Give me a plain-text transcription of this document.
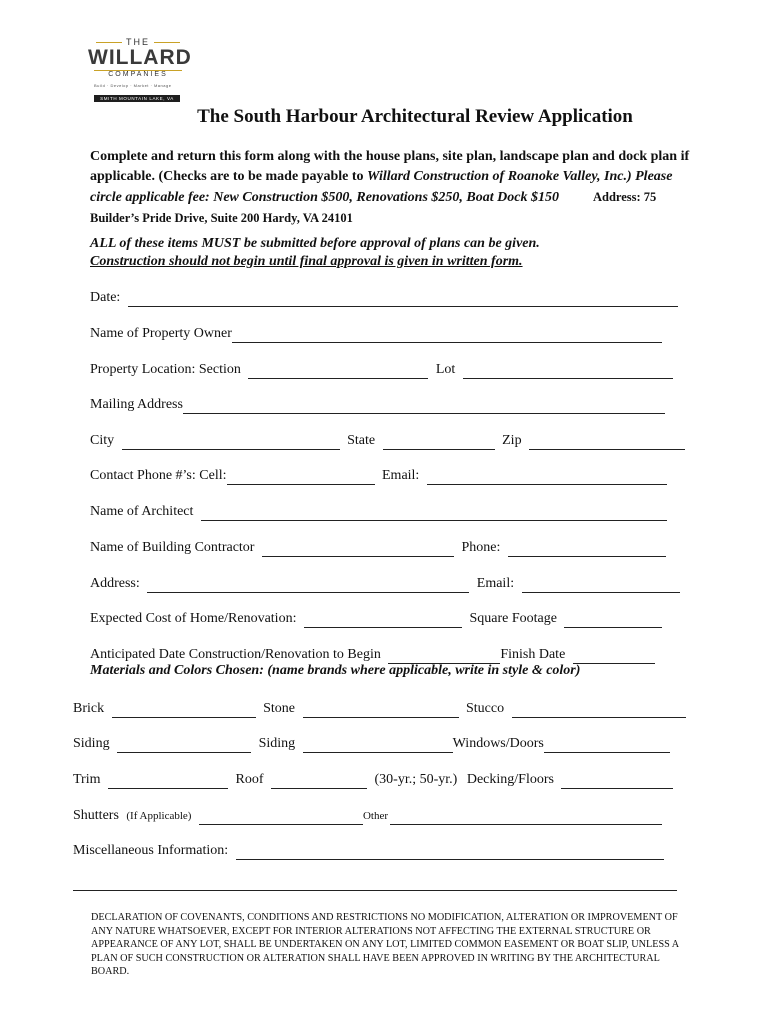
THE
WILLARD
COMPANIES
Build · Develop · Market · Manage
SMITH MOUNTAIN LAKE, VA
The South Harbour Architectural Review Application
Complete and return this form along with the house plans, site plan, landscape plan and dock plan if applicable. (Checks are to be made payable to Willard Construction of Roanoke Valley, Inc.) Please circle applicable fee: New Construction $500, Renovations $250, Boat Dock $150	Address: 75 Builder’s Pride Drive, Suite 200 Hardy, VA 24101
ALL of these items MUST be submitted before approval of plans can be given.
Construction should not begin until final approval is given in written form.
Date:
Name of Property Owner
Property Location: Section	Lot
Mailing Address
City	State	Zip
Contact Phone #’s: Cell:	Email:
Name of Architect
Name of Building Contractor	Phone:
Address:	Email:
Expected Cost of Home/Renovation:	Square Footage
Anticipated Date Construction/Renovation to Begin	Finish Date
Materials and Colors Chosen: (name brands where applicable, write in style & color)
Brick	Stone	Stucco
Siding	Siding	Windows/Doors
Trim	Roof	(30-yr.; 50-yr.) Decking/Floors
Shutters (If Applicable)	Other
Miscellaneous Information:
DECLARATION OF COVENANTS, CONDITIONS AND RESTRICTIONS NO MODIFICATION, ALTERATION OR IMPROVEMENT OF ANY NATURE WHATSOEVER, EXCEPT FOR INTERIOR ALTERATIONS NOT AFFECTING THE EXTERNAL STRUCTURE OR APPEARANCE OF ANY LOT, SHALL BE UNDERTAKEN ON ANY LOT, LIMITED COMMON EASEMENT OR BOAT SLIP, UNLESS A PLAN OF SUCH CONSTRUCTION OR ALTERATION SHALL HAVE BEEN APPROVED IN WRITING BY THE ARCHITECTURAL BOARD.
